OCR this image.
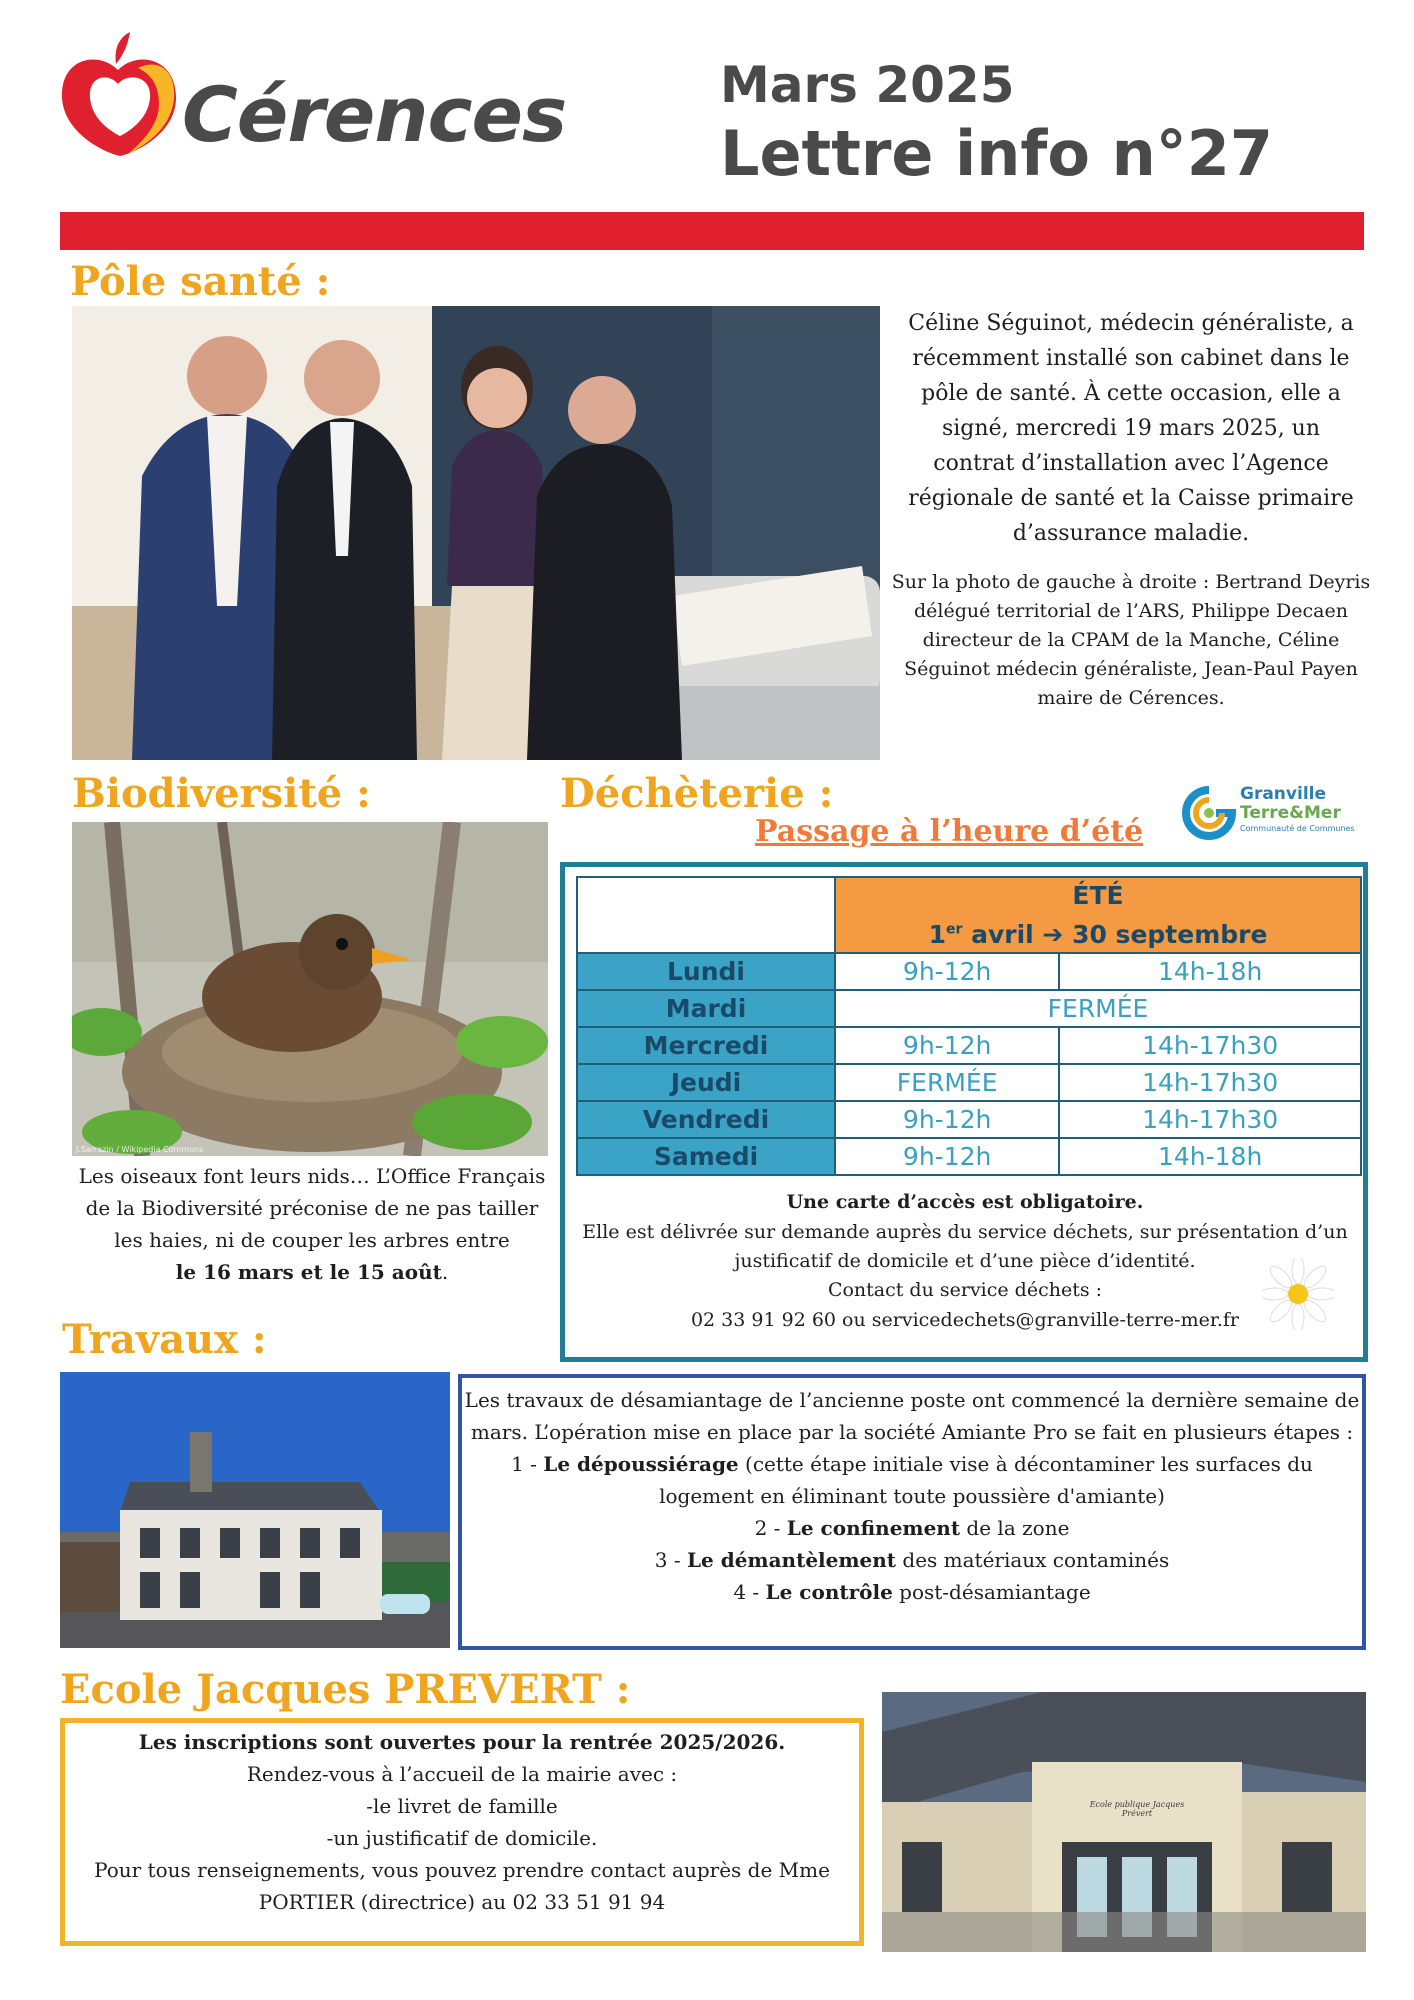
Cérences	Mars 2025
Lettre info n°27
Pôle santé :
Céline Séguinot, médecin généraliste, a récemment installé son cabinet dans le pôle de santé. À cette occasion, elle a signé, mercredi 19 mars 2025, un contrat d’installation avec l’Agence régionale de santé et la Caisse primaire d’assurance maladie.
Sur la photo de gauche à droite : Bertrand Deyris délégué territorial de l’ARS, Philippe Decaen directeur de la CPAM de la Manche, Céline Séguinot médecin généraliste, Jean-Paul Payen maire de Cérences.
Biodiversité :
J.Sarrazin / Wikipedia Commons
Les oiseaux font leurs nids… L’Office Français de la Biodiversité préconise de ne pas tailler les haies, ni de couper les arbres entre
le 16 mars et le 15 août.
Déchèterie :
Passage à l’heure d’été
Granville
Terre&Mer
Communauté de Communes
	ÉTÉ
1er avril ➔ 30 septembre	
Lundi	9h-12h	14h-18h
Mardi	FERMÉE	
Mercredi	9h-12h	14h-17h30
Jeudi	FERMÉE	14h-17h30
Vendredi	9h-12h	14h-17h30
Samedi	9h-12h	14h-18h
Une carte d’accès est obligatoire.
Elle est délivrée sur demande auprès du service déchets, sur présentation d’un justificatif de domicile et d’une pièce d’identité.
Contact du service déchets :
02 33 91 92 60 ou servicedechets@granville-terre-mer.fr
Travaux :
Les travaux de désamiantage de l’ancienne poste ont commencé la dernière semaine de mars. L’opération mise en place par la société Amiante Pro se fait en plusieurs étapes :
1 - Le dépoussiérage (cette étape initiale vise à décontaminer les surfaces du logement en éliminant toute poussière d'amiante)
2 - Le confinement de la zone
3 - Le démantèlement des matériaux contaminés
4 - Le contrôle post-désamiantage
Ecole Jacques PREVERT :
Les inscriptions sont ouvertes pour la rentrée 2025/2026.
Rendez-vous à l’accueil de la mairie avec :
-le livret de famille
-un justificatif de domicile.
Pour tous renseignements, vous pouvez prendre contact auprès de Mme PORTIER (directrice) au 02 33 51 91 94
Ecole publique Jacques Prévert
